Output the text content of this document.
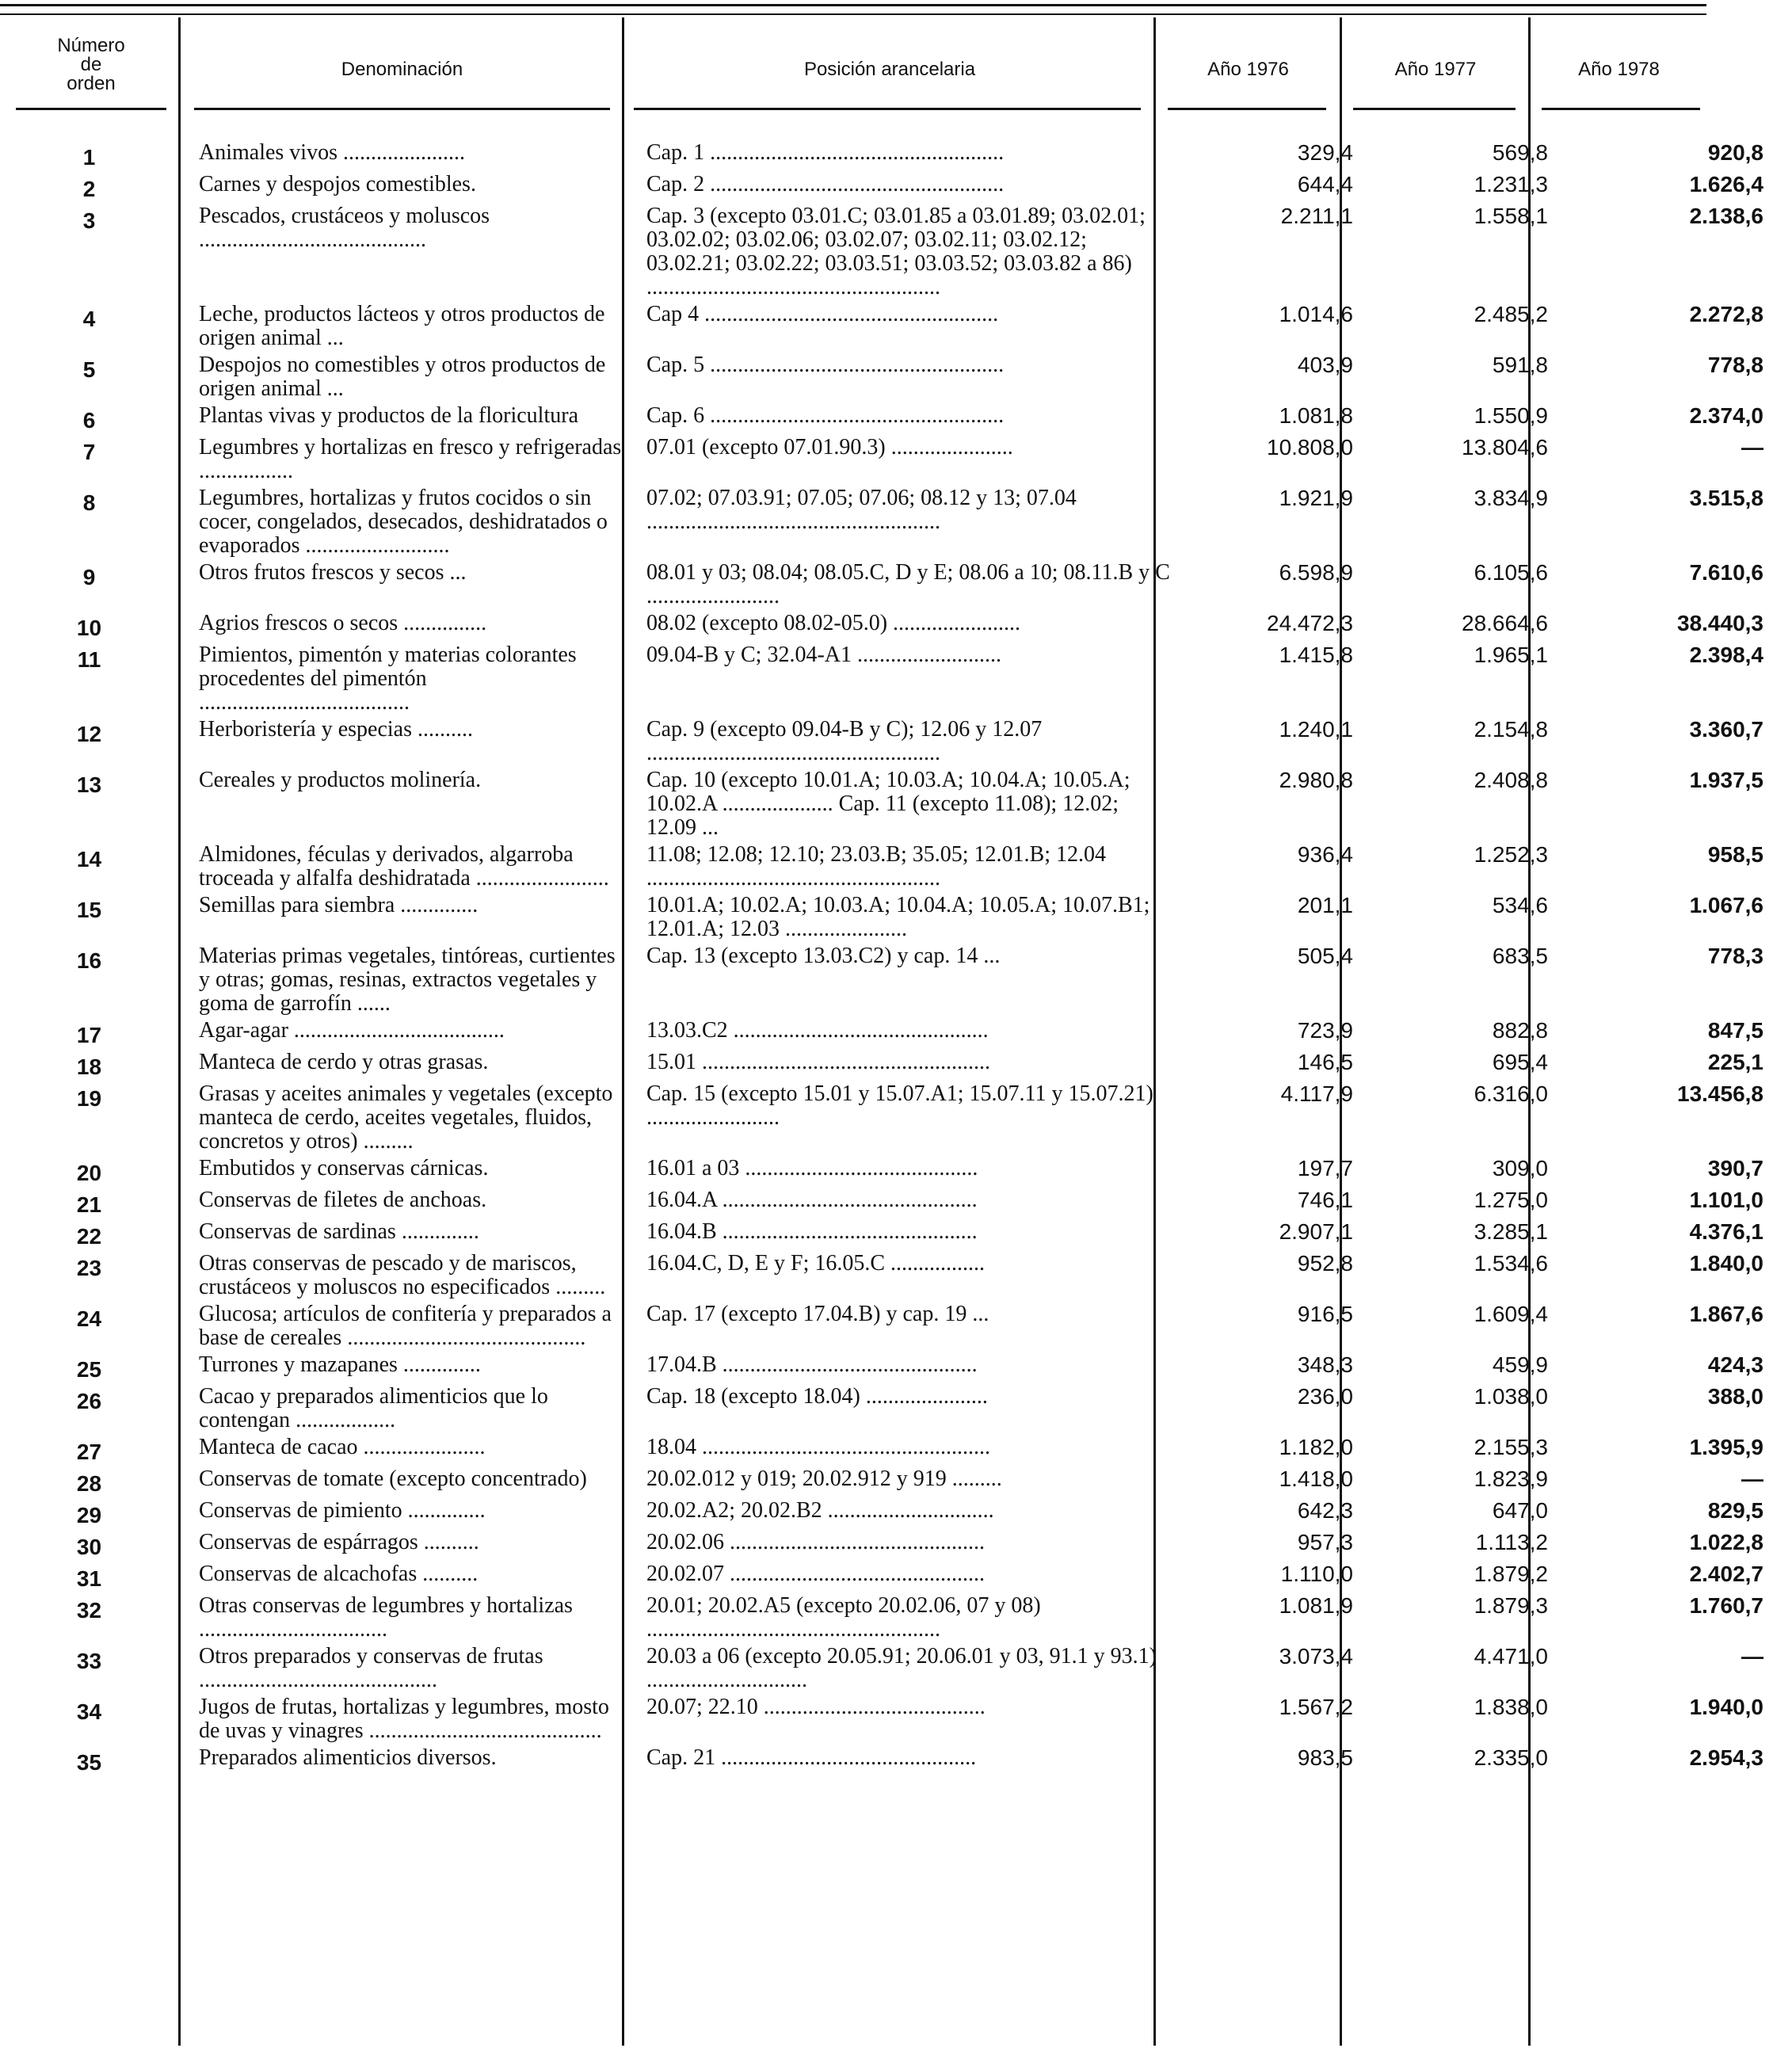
Número
de
orden
Denominación	Posición arancelaria	Año 1976	Año 1977	Año 1978
1	Animales vivos ......................	Cap. 1 .....................................................	329,4	569,8	920,8
2	Carnes y despojos comestibles.	Cap. 2 .....................................................	644,4	1.231,3	1.626,4
3	Pescados, crustáceos y moluscos .........................................	Cap. 3 (excepto 03.01.C; 03.01.85 a 03.01.89; 03.02.01; 03.02.02; 03.02.06; 03.02.07; 03.02.11; 03.02.12; 03.02.21; 03.02.22; 03.03.51; 03.03.52; 03.03.82 a 86) .....................................................	2.211,1	1.558,1	2.138,6
4	Leche, productos lácteos y otros productos de origen animal ...	Cap 4 .....................................................	1.014,6	2.485,2	2.272,8
5	Despojos no comestibles y otros productos de origen animal ...	Cap. 5 .....................................................	403,9	591,8	778,8
6	Plantas vivas y productos de la floricultura	Cap. 6 .....................................................	1.081,8	1.550,9	2.374,0
7	Legumbres y hortalizas en fresco y refrigeradas .................	07.01 (excepto 07.01.90.3) ......................	10.808,0	13.804,6	—
8	Legumbres, hortalizas y frutos cocidos o sin cocer, congelados, desecados, deshidratados o evaporados ..........................	07.02; 07.03.91; 07.05; 07.06; 08.12 y 13; 07.04 .....................................................	1.921,9	3.834,9	3.515,8
9	Otros frutos frescos y secos ...	08.01 y 03; 08.04; 08.05.C, D y E; 08.06 a 10; 08.11.B y C ........................	6.598,9	6.105,6	7.610,6
10	Agrios frescos o secos ...............	08.02 (excepto 08.02-05.0) .......................	24.472,3	28.664,6	38.440,3
11	Pimientos, pimentón y materias colorantes procedentes del pimentón ......................................	09.04-B y C; 32.04-A1 ..........................	1.415,8	1.965,1	2.398,4
12	Herboristería y especias ..........	Cap. 9 (excepto 09.04-B y C); 12.06 y 12.07 .....................................................	1.240,1	2.154,8	3.360,7
13	Cereales y productos molinería.	Cap. 10 (excepto 10.01.A; 10.03.A; 10.04.A; 10.05.A; 10.02.A .................... Cap. 11 (excepto 11.08); 12.02; 12.09 ...	2.980,8	2.408,8	1.937,5
14	Almidones, féculas y derivados, algarroba troceada y alfalfa deshidratada ........................	11.08; 12.08; 12.10; 23.03.B; 35.05; 12.01.B; 12.04 .....................................................	936,4	1.252,3	958,5
15	Semillas para siembra ..............	10.01.A; 10.02.A; 10.03.A; 10.04.A; 10.05.A; 10.07.B1; 12.01.A; 12.03 ......................	201,1	534,6	1.067,6
16	Materias primas vegetales, tintóreas, curtientes y otras; gomas, resinas, extractos vegetales y goma de garrofín ......	Cap. 13 (excepto 13.03.C2) y cap. 14 ...	505,4	683,5	778,3
17	Agar-agar ......................................	13.03.C2 ..............................................	723,9	882,8	847,5
18	Manteca de cerdo y otras grasas.	15.01 ....................................................	146,5	695,4	225,1
19	Grasas y aceites animales y vegetales (excepto manteca de cerdo, aceites vegetales, fluidos, concretos y otros) .........	Cap. 15 (excepto 15.01 y 15.07.A1; 15.07.11 y 15.07.21) ........................	4.117,9	6.316,0	13.456,8
20	Embutidos y conservas cárnicas.	16.01 a 03 ..........................................	197,7	309,0	390,7
21	Conservas de filetes de anchoas.	16.04.A ..............................................	746,1	1.275,0	1.101,0
22	Conservas de sardinas ..............	16.04.B ..............................................	2.907,1	3.285,1	4.376,1
23	Otras conservas de pescado y de mariscos, crustáceos y moluscos no especificados .........	16.04.C, D, E y F; 16.05.C .................	952,8	1.534,6	1.840,0
24	Glucosa; artículos de confitería y preparados a base de cereales ...........................................	Cap. 17 (excepto 17.04.B) y cap. 19 ...	916,5	1.609,4	1.867,6
25	Turrones y mazapanes ..............	17.04.B ..............................................	348,3	459,9	424,3
26	Cacao y preparados alimenticios que lo contengan ..................	Cap. 18 (excepto 18.04) ......................	236,0	1.038,0	388,0
27	Manteca de cacao ......................	18.04 ....................................................	1.182,0	2.155,3	1.395,9
28	Conservas de tomate (excepto concentrado)	20.02.012 y 019; 20.02.912 y 919 .........	1.418,0	1.823,9	—
29	Conservas de pimiento ..............	20.02.A2; 20.02.B2 ..............................	642,3	647,0	829,5
30	Conservas de espárragos ..........	20.02.06 ..............................................	957,3	1.113,2	1.022,8
31	Conservas de alcachofas ..........	20.02.07 ..............................................	1.110,0	1.879,2	2.402,7
32	Otras conservas de legumbres y hortalizas ..................................	20.01; 20.02.A5 (excepto 20.02.06, 07 y 08) .....................................................	1.081,9	1.879,3	1.760,7
33	Otros preparados y conservas de frutas ...........................................	20.03 a 06 (excepto 20.05.91; 20.06.01 y 03, 91.1 y 93.1) .............................	3.073,4	4.471,0	—
34	Jugos de frutas, hortalizas y legumbres, mosto de uvas y vinagres ..........................................	20.07; 22.10 ........................................	1.567,2	1.838,0	1.940,0
35	Preparados alimenticios diversos.	Cap. 21 ..............................................	983,5	2.335,0	2.954,3
